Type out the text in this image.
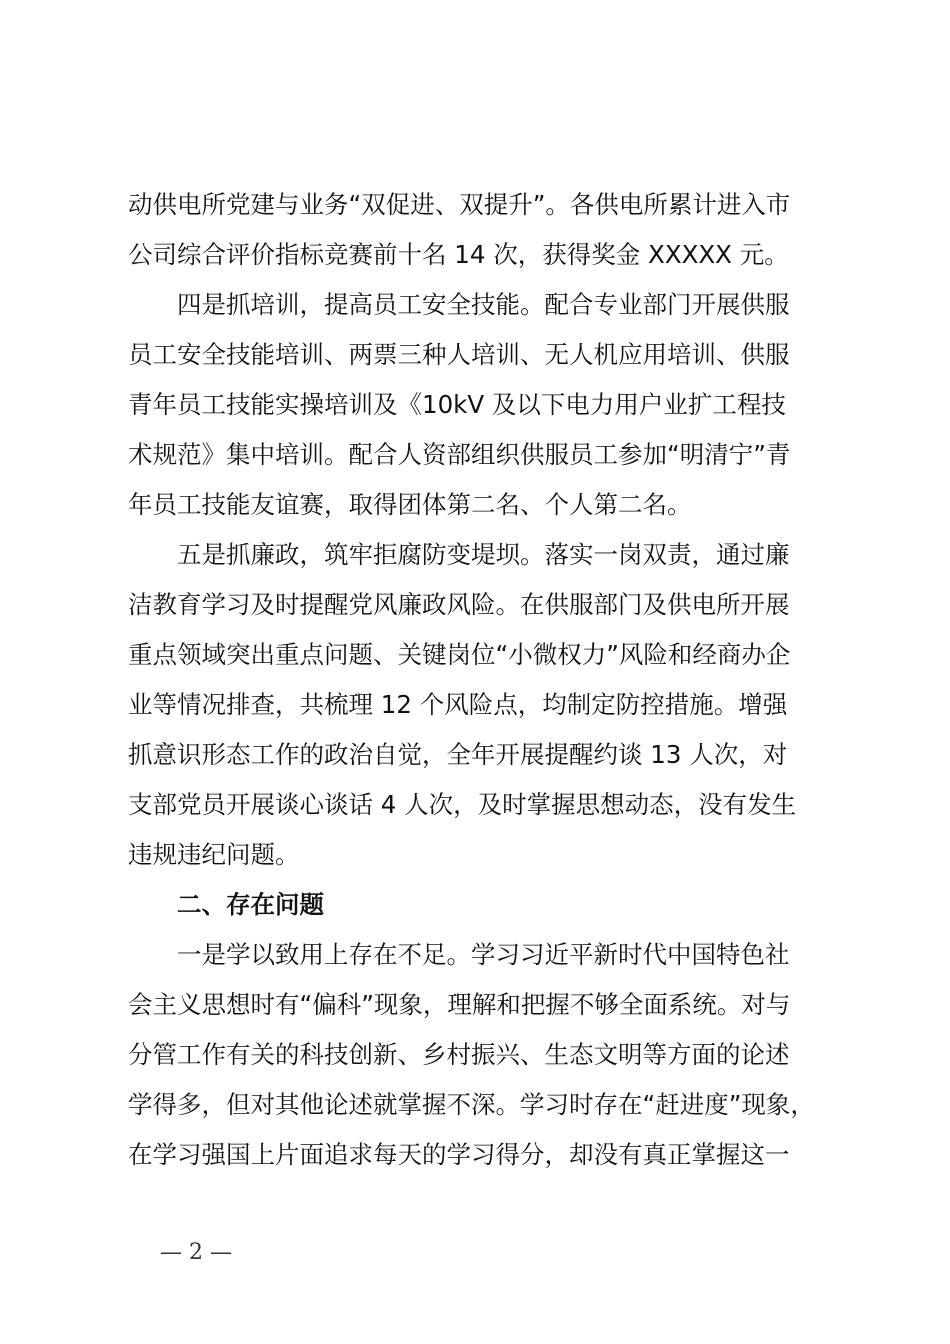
动供电所党建与业务“双促进、双提升”。各供电所累计进入市
公司综合评价指标竞赛前十名 14 次，获得奖金 XXXXX 元。
四是抓培训，提高员工安全技能。配合专业部门开展供服
员工安全技能培训、两票三种人培训、无人机应用培训、供服
青年员工技能实操培训及《10kV 及以下电力用户业扩工程技
术规范》集中培训。配合人资部组织供服员工参加“明清宁”青
年员工技能友谊赛，取得团体第二名、个人第二名。
五是抓廉政，筑牢拒腐防变堤坝。落实一岗双责，通过廉
洁教育学习及时提醒党风廉政风险。在供服部门及供电所开展
重点领域突出重点问题、关键岗位“小微权力”风险和经商办企
业等情况排查，共梳理 12 个风险点，均制定防控措施。增强
抓意识形态工作的政治自觉，全年开展提醒约谈 13 人次，对
支部党员开展谈心谈话 4 人次，及时掌握思想动态，没有发生
违规违纪问题。
二、存在问题
一是学以致用上存在不足。学习习近平新时代中国特色社
会主义思想时有“偏科”现象，理解和把握不够全面系统。对与
分管工作有关的科技创新、乡村振兴、生态文明等方面的论述
学得多，但对其他论述就掌握不深。学习时存在“赶进度”现象，
在学习强国上片面追求每天的学习得分，却没有真正掌握这一
— 2 —
